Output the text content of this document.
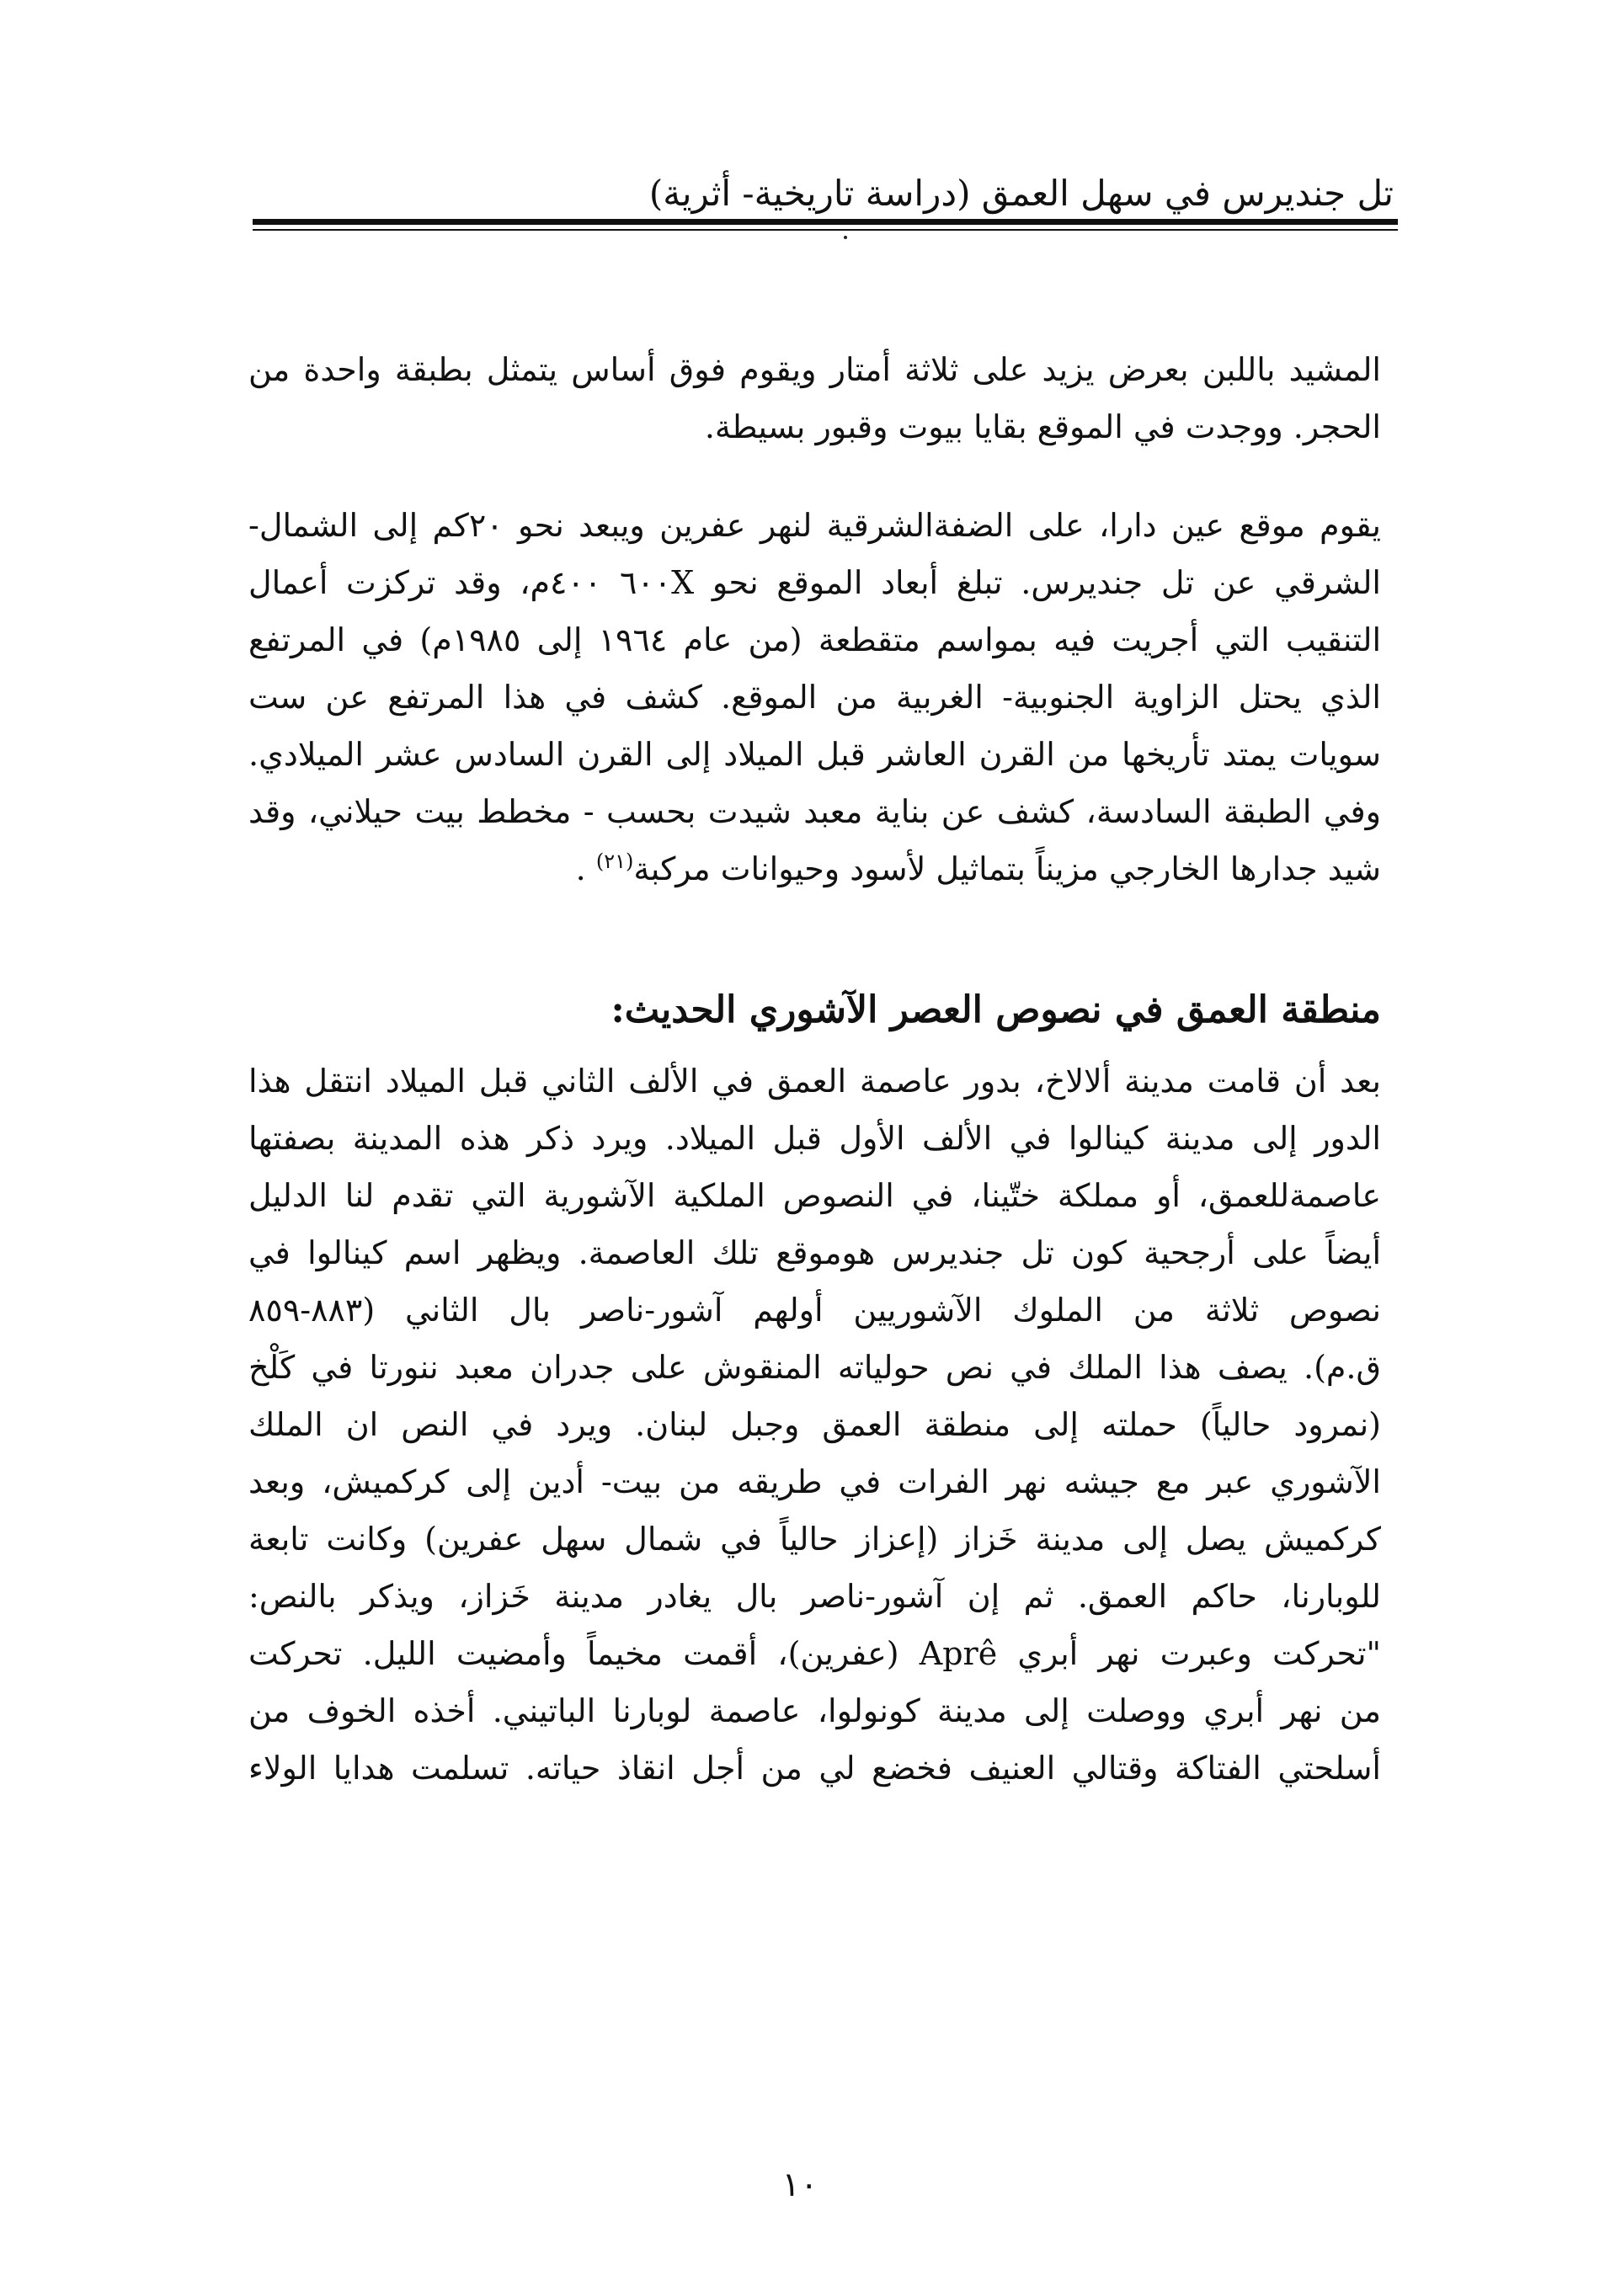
تل جنديرس في سهل العمق (دراسة تاريخية- أثرية)
المشيد باللبن بعرض يزيد على ثلاثة أمتار ويقوم فوق أساس يتمثل بطبقة واحدة من
الحجر. ووجدت في الموقع بقايا بيوت وقبور بسيطة.
يقوم موقع عين دارا، على الضفةالشرقية لنهر عفرين ويبعد نحو ٢٠كم إلى الشمال-
الشرقي عن تل جنديرس. تبلغ أبعاد الموقع نحو ٦٠٠X ٤٠٠م، وقد تركزت أعمال
التنقيب التي أجريت فيه بمواسم متقطعة (من عام ١٩٦٤ إلى ١٩٨٥م) في المرتفع
الذي يحتل الزاوية الجنوبية- الغربية من الموقع. كشف في هذا المرتفع عن ست
سويات يمتد تأريخها من القرن العاشر قبل الميلاد إلى القرن السادس عشر الميلادي.
وفي الطبقة السادسة، كشف عن بناية معبد شيدت بحسب - مخطط بيت حيلاني، وقد
شيد جدارها الخارجي مزيناً بتماثيل لأسود وحيوانات مركبة$^{(٢١)}$ .
منطقة العمق في نصوص العصر الآشوري الحديث:
بعد أن قامت مدينة ألالاخ، بدور عاصمة العمق في الألف الثاني قبل الميلاد انتقل هذا
الدور إلى مدينة كينالوا في الألف الأول قبل الميلاد. ويرد ذكر هذه المدينة بصفتها
عاصمةللعمق، أو مملكة ختّينا، في النصوص الملكية الآشورية التي تقدم لنا الدليل
أيضاً على أرجحية كون تل جنديرس هوموقع تلك العاصمة. ويظهر اسم كينالوا في
نصوص ثلاثة من الملوك الآشوريين أولهم آشور-ناصر بال الثاني (٨٨٣-٨٥٩
ق.م). يصف هذا الملك في نص حولياته المنقوش على جدران معبد ننورتا في كَلْخ
(نمرود حالياً) حملته إلى منطقة العمق وجبل لبنان. ويرد في النص ان الملك
الآشوري عبر مع جيشه نهر الفرات في طريقه من بيت- أدين إلى كركميش، وبعد
كركميش يصل إلى مدينة خَزاز (إعزاز حالياً في شمال سهل عفرين) وكانت تابعة
للوبارنا، حاكم العمق. ثم إن آشور-ناصر بال يغادر مدينة خَزاز، ويذكر بالنص:
"تحركت وعبرت نهر أبري Aprê (عفرين)، أقمت مخيماً وأمضيت الليل. تحركت
من نهر أبري ووصلت إلى مدينة كونولوا، عاصمة لوبارنا الباتيني. أخذه الخوف من
أسلحتي الفتاكة وقتالي العنيف فخضع لي من أجل انقاذ حياته. تسلمت هدايا الولاء
١٠
